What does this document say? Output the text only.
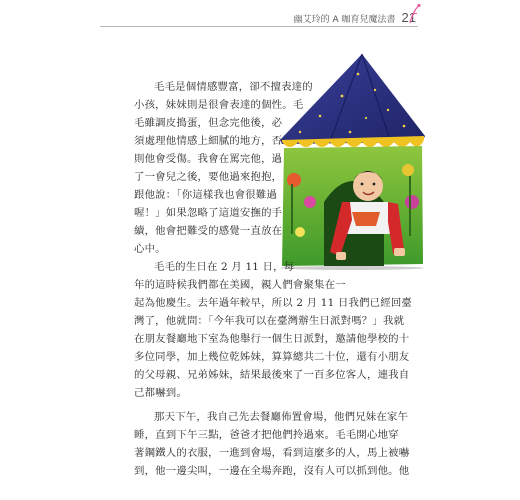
幽艾玲的 A 咖育兒魔法書 21
毛毛是個情感豐富，卻不擅表達的
小孩，妹妹則是很會表達的個性。毛
毛雖調皮搗蛋，但念完他後，必
須處理他情感上細膩的地方，否
則他會受傷。我會在罵完他，過
了一會兒之後，要他過來抱抱，
跟他說：「你這樣我也會很難過
喔！」如果忽略了這道安撫的手
續，他會把難受的感覺一直放在
心中。
毛毛的生日在 2 月 11 日，每
年的這時候我們都在美國，親人們會聚集在一
起為他慶生。去年過年較早，所以 2 月 11 日我們已經回臺
灣了，他就問：「今年我可以在臺灣辦生日派對嗎？」我就
在朋友餐廳地下室為他舉行一個生日派對，邀請他學校的十
多位同學，加上幾位乾姊妹，算算總共二十位，還有小朋友
的父母親、兄弟姊妹，結果最後來了一百多位客人，連我自
己都嚇到。
那天下午，我自己先去餐廳佈置會場，他們兄妹在家午
睡，直到下午三點，爸爸才把他們拎過來。毛毛開心地穿
著鋼鐵人的衣服，一進到會場，看到這麼多的人，馬上被嚇
到，他一邊尖叫，一邊在全場奔跑，沒有人可以抓到他。他
